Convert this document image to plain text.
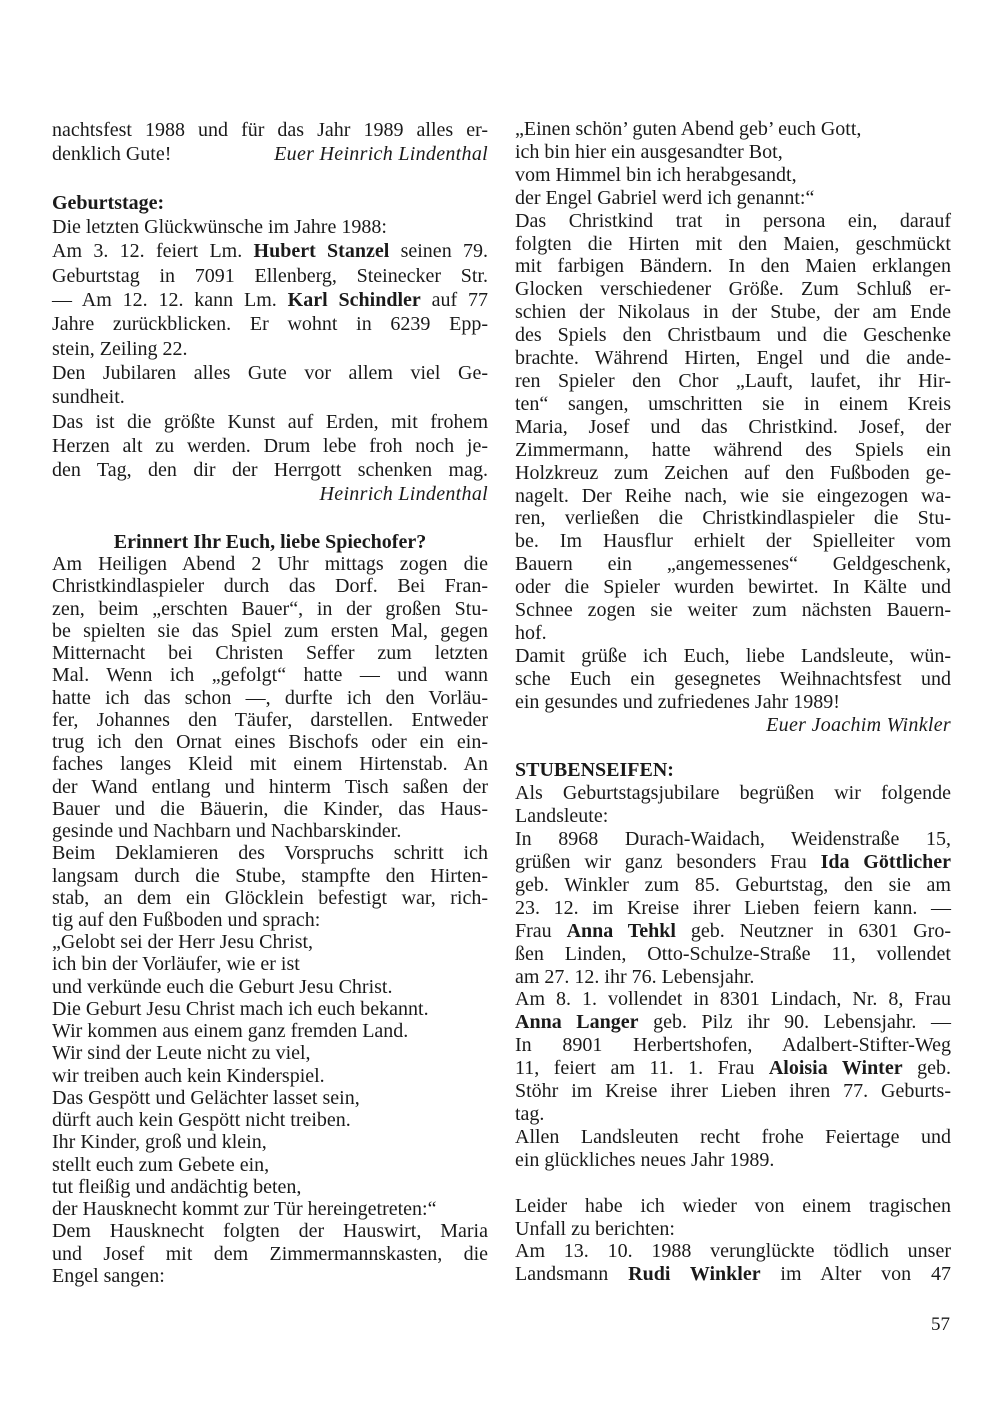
nachtsfest 1988 und für das Jahr 1989 alles er-
denklich Gute!	Euer Heinrich Lindenthal
Geburtstage:
Die letzten Glückwünsche im Jahre 1988:
Am 3. 12. feiert Lm. Hubert Stanzel seinen 79.
Geburtstag in 7091 Ellenberg, Steinecker Str.
— Am 12. 12. kann Lm. Karl Schindler auf 77
Jahre zurückblicken. Er wohnt in 6239 Epp-
stein, Zeiling 22.
Den Jubilaren alles Gute vor allem viel Ge-
sundheit.
Das ist die größte Kunst auf Erden, mit frohem
Herzen alt zu werden. Drum lebe froh noch je-
den Tag, den dir der Herrgott schenken mag.
Heinrich Lindenthal
Erinnert Ihr Euch, liebe Spiechofer?
Am Heiligen Abend 2 Uhr mittags zogen die
Christkindlaspieler durch das Dorf. Bei Fran-
zen, beim „erschten Bauer“, in der großen Stu-
be spielten sie das Spiel zum ersten Mal, gegen
Mitternacht bei Christen Seffer zum letzten
Mal. Wenn ich „gefolgt“ hatte — und wann
hatte ich das schon —, durfte ich den Vorläu-
fer, Johannes den Täufer, darstellen. Entweder
trug ich den Ornat eines Bischofs oder ein ein-
faches langes Kleid mit einem Hirtenstab. An
der Wand entlang und hinterm Tisch saßen der
Bauer und die Bäuerin, die Kinder, das Haus-
gesinde und Nachbarn und Nachbarskinder.
Beim Deklamieren des Vorspruchs schritt ich
langsam durch die Stube, stampfte den Hirten-
stab, an dem ein Glöcklein befestigt war, rich-
tig auf den Fußboden und sprach:
„Gelobt sei der Herr Jesu Christ,
ich bin der Vorläufer, wie er ist
und verkünde euch die Geburt Jesu Christ.
Die Geburt Jesu Christ mach ich euch bekannt.
Wir kommen aus einem ganz fremden Land.
Wir sind der Leute nicht zu viel,
wir treiben auch kein Kinderspiel.
Das Gespött und Gelächter lasset sein,
dürft auch kein Gespött nicht treiben.
Ihr Kinder, groß und klein,
stellt euch zum Gebete ein,
tut fleißig und andächtig beten,
der Hausknecht kommt zur Tür hereingetreten:“
Dem Hausknecht folgten der Hauswirt, Maria
und Josef mit dem Zimmermannskasten, die
Engel sangen:
„Einen schön’ guten Abend geb’ euch Gott,
ich bin hier ein ausgesandter Bot,
vom Himmel bin ich herabgesandt,
der Engel Gabriel werd ich genannt:“
Das Christkind trat in persona ein, darauf
folgten die Hirten mit den Maien, geschmückt
mit farbigen Bändern. In den Maien erklangen
Glocken verschiedener Größe. Zum Schluß er-
schien der Nikolaus in der Stube, der am Ende
des Spiels den Christbaum und die Geschenke
brachte. Während Hirten, Engel und die ande-
ren Spieler den Chor „Lauft, laufet, ihr Hir-
ten“ sangen, umschritten sie in einem Kreis
Maria, Josef und das Christkind. Josef, der
Zimmermann, hatte während des Spiels ein
Holzkreuz zum Zeichen auf den Fußboden ge-
nagelt. Der Reihe nach, wie sie eingezogen wa-
ren, verließen die Christkindlaspieler die Stu-
be. Im Hausflur erhielt der Spielleiter vom
Bauern ein „angemessenes“ Geldgeschenk,
oder die Spieler wurden bewirtet. In Kälte und
Schnee zogen sie weiter zum nächsten Bauern-
hof.
Damit grüße ich Euch, liebe Landsleute, wün-
sche Euch ein gesegnetes Weihnachtsfest und
ein gesundes und zufriedenes Jahr 1989!
Euer Joachim Winkler
STUBENSEIFEN:
Als Geburtstagsjubilare begrüßen wir folgende
Landsleute:
In 8968 Durach-Waidach, Weidenstraße 15,
grüßen wir ganz besonders Frau Ida Göttlicher
geb. Winkler zum 85. Geburtstag, den sie am
23. 12. im Kreise ihrer Lieben feiern kann. —
Frau Anna Tehkl geb. Neutzner in 6301 Gro-
ßen Linden, Otto-Schulze-Straße 11, vollendet
am 27. 12. ihr 76. Lebensjahr.
Am 8. 1. vollendet in 8301 Lindach, Nr. 8, Frau
Anna Langer geb. Pilz ihr 90. Lebensjahr. —
In 8901 Herbertshofen, Adalbert-Stifter-Weg
11, feiert am 11. 1. Frau Aloisia Winter geb.
Stöhr im Kreise ihrer Lieben ihren 77. Geburts-
tag.
Allen Landsleuten recht frohe Feiertage und
ein glückliches neues Jahr 1989.
Leider habe ich wieder von einem tragischen
Unfall zu berichten:
Am 13. 10. 1988 verunglückte tödlich unser
Landsmann Rudi Winkler im Alter von 47
57
